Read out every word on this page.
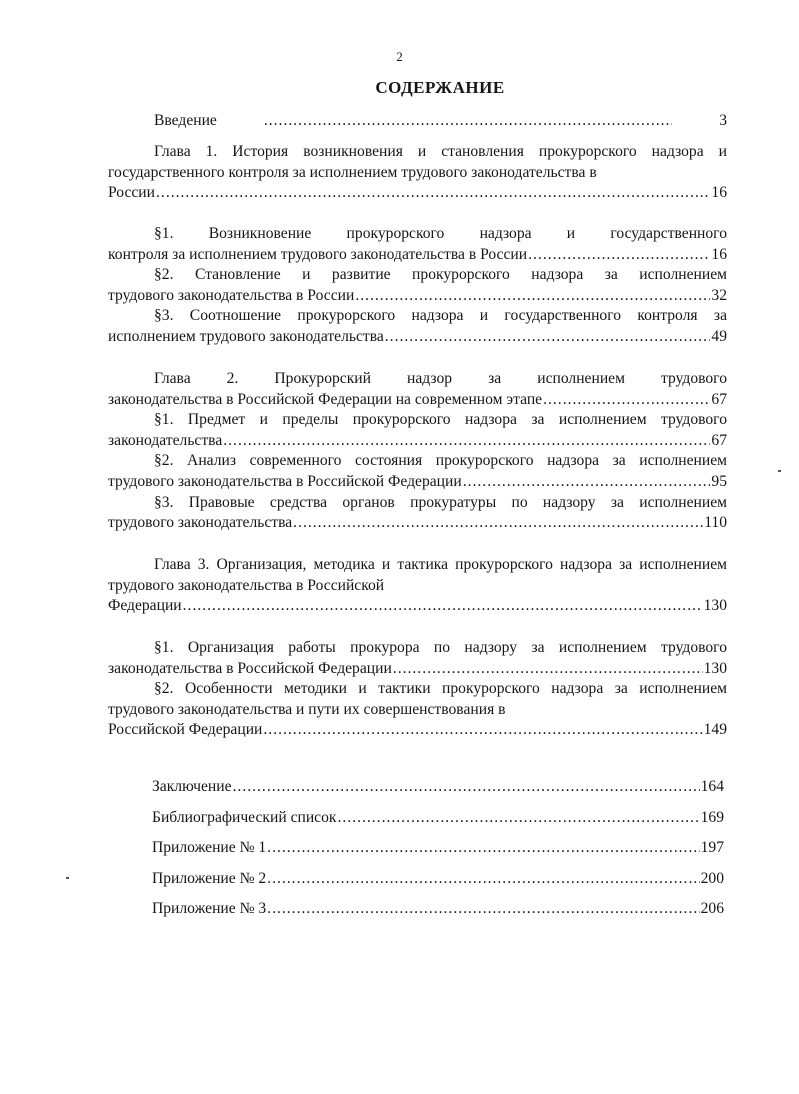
2
СОДЕРЖАНИЕ
Введение .....	3
Глава 1. История возникновения и становления прокурорского надзора и государственного контроля за исполнением трудового законодательства в
России .....	16
§1. Возникновение прокурорского надзора и государственного
контроля за исполнением трудового законодательства в России .....	16
§2. Становление и развитие прокурорского надзора за исполнением
трудового законодательства в России .....	32
§3. Соотношение прокурорского надзора и государственного контроля за
исполнением трудового законодательства .....	49
Глава 2. Прокурорский надзор за исполнением трудового
законодательства в Российской Федерации на современном этапе .....	67
§1. Предмет и пределы прокурорского надзора за исполнением трудового
законодательства .....	67
§2. Анализ современного состояния прокурорского надзора за исполнением
трудового законодательства в Российской Федерации .....	95
§3. Правовые средства органов прокуратуры по надзору за исполнением
трудового законодательства .....	110
Глава 3. Организация, методика и тактика прокурорского надзора за исполнением трудового законодательства в Российской
Федерации .....	130
§1. Организация работы прокурора по надзору за исполнением трудового
законодательства в Российской Федерации .....	130
§2. Особенности методики и тактики прокурорского надзора за исполнением трудового законодательства и пути их совершенствования в
Российской Федерации .....	149
Заключение .....	164
Библиографический список .....	169
Приложение № 1 .....	197
Приложение № 2 .....	200
Приложение № 3 .....	206
